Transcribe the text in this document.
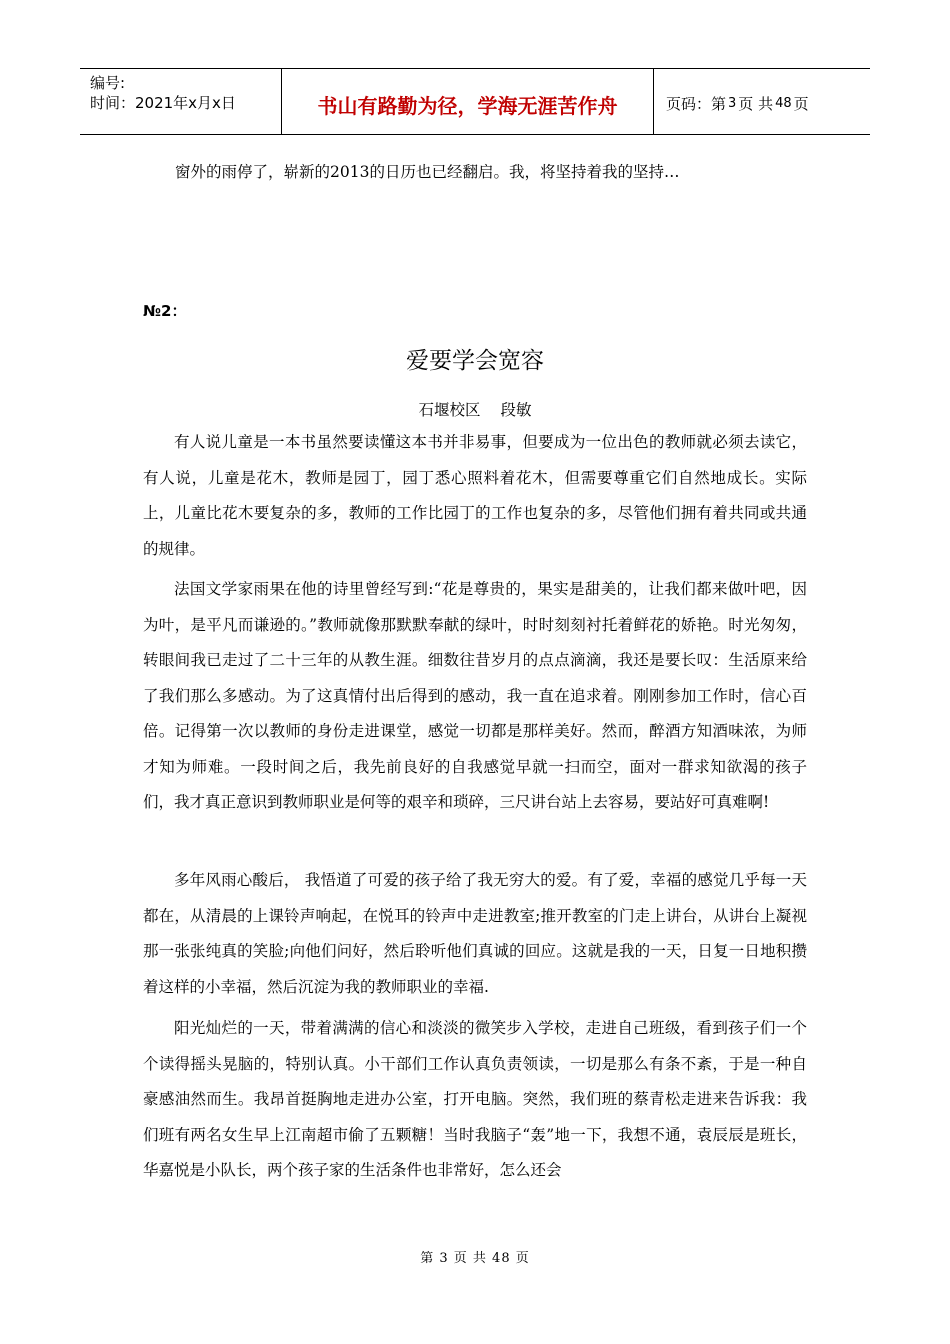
编号:
时间：2021年x月x日	书山有路勤为径，学海无涯苦作舟	页码：第 3 页 共 48 页
窗外的雨停了，崭新的2013的日历也已经翻启。我，将坚持着我的坚持…
№2：
爱要学会宽容
石堰校区 段敏

有人说儿童是一本书虽然要读懂这本书并非易事，但要成为一位出色的教师就必须去读它，有人说，儿童是花木，教师是园丁，园丁悉心照料着花木，但需要尊重它们自然地成长。实际上，儿童比花木要复杂的多，教师的工作比园丁的工作也复杂的多，尽管他们拥有着共同或共通的规律。

法国文学家雨果在他的诗里曾经写到:“花是尊贵的，果实是甜美的，让我们都来做叶吧，因为叶，是平凡而谦逊的。”教师就像那默默奉献的绿叶，时时刻刻衬托着鲜花的娇艳。时光匆匆，转眼间我已走过了二十三年的从教生涯。细数往昔岁月的点点滴滴，我还是要长叹：生活原来给了我们那么多感动。为了这真情付出后得到的感动，我一直在追求着。刚刚参加工作时，信心百倍。记得第一次以教师的身份走进课堂，感觉一切都是那样美好。然而，醉酒方知酒味浓，为师才知为师难。一段时间之后，我先前良好的自我感觉早就一扫而空，面对一群求知欲渴的孩子们，我才真正意识到教师职业是何等的艰辛和琐碎，三尺讲台站上去容易，要站好可真难啊!

多年风雨心酸后， 我悟道了可爱的孩子给了我无穷大的爱。有了爱，幸福的感觉几乎每一天都在，从清晨的上课铃声响起，在悦耳的铃声中走进教室;推开教室的门走上讲台，从讲台上凝视那一张张纯真的笑脸;向他们问好，然后聆听他们真诚的回应。这就是我的一天，日复一日地积攒着这样的小幸福，然后沉淀为我的教师职业的幸福.

阳光灿烂的一天，带着满满的信心和淡淡的微笑步入学校，走进自己班级，看到孩子们一个个读得摇头晃脑的，特别认真。小干部们工作认真负责领读，一切是那么有条不紊，于是一种自豪感油然而生。我昂首挺胸地走进办公室，打开电脑。突然，我们班的蔡青松走进来告诉我：我们班有两名女生早上江南超市偷了五颗糖！当时我脑子“轰”地一下，我想不通，袁辰辰是班长，华嘉悦是小队长，两个孩子家的生活条件也非常好，怎么还会

第 3 页 共 48 页
